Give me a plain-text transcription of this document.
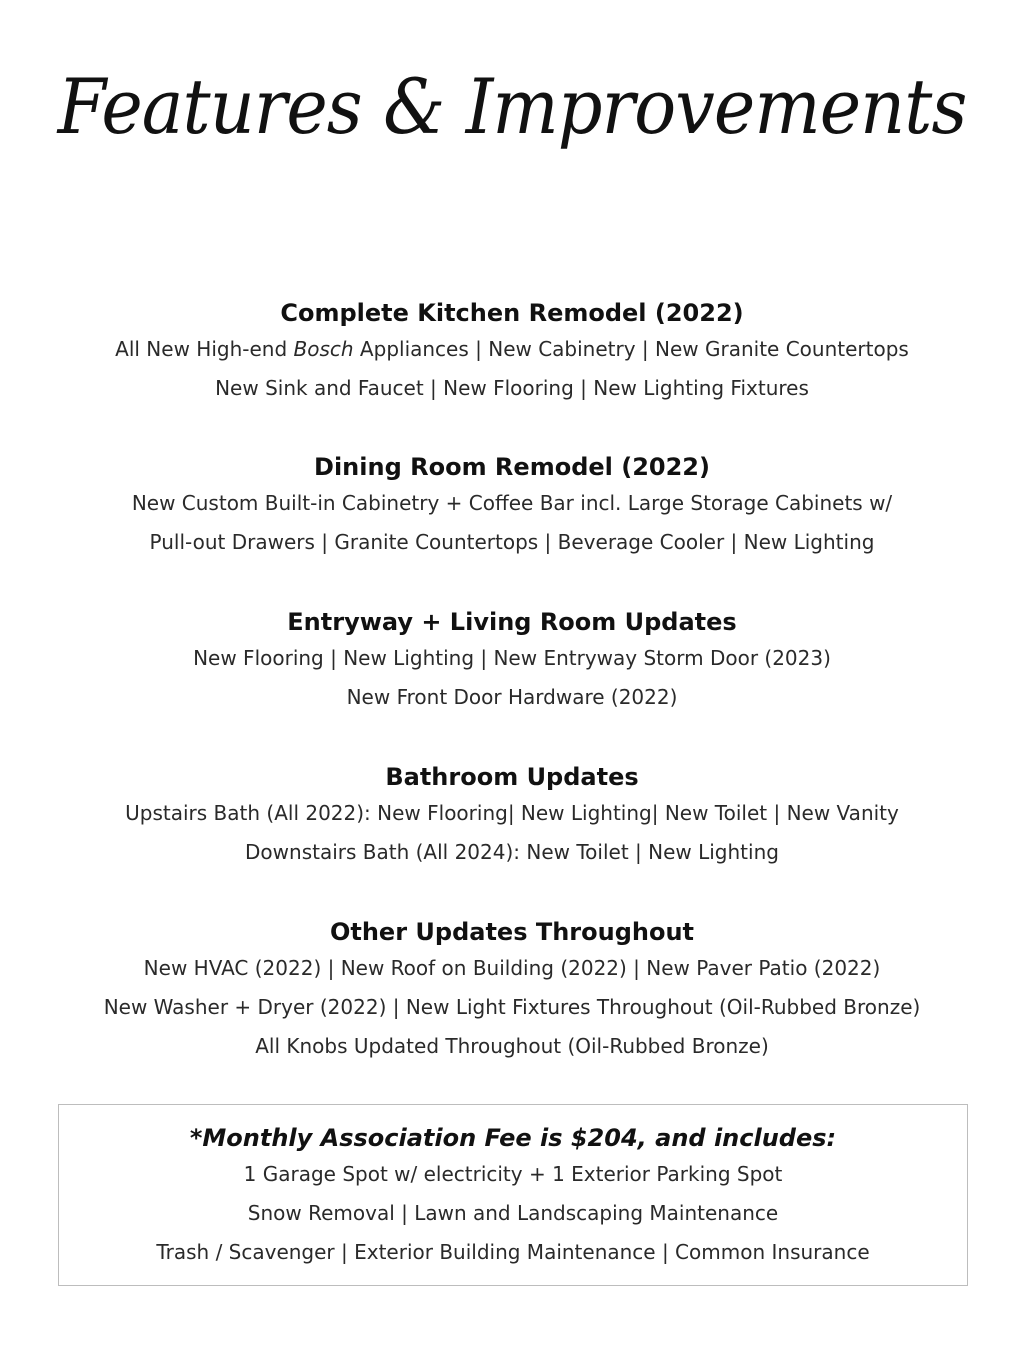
Features & Improvements
Complete Kitchen Remodel (2022)
All New High-end Bosch Appliances | New Cabinetry | New Granite Countertops
New Sink and Faucet | New Flooring | New Lighting Fixtures
Dining Room Remodel (2022)
New Custom Built-in Cabinetry + Coffee Bar incl. Large Storage Cabinets w/
Pull-out Drawers | Granite Countertops | Beverage Cooler | New Lighting
Entryway + Living Room Updates
New Flooring | New Lighting | New Entryway Storm Door (2023)
New Front Door Hardware (2022)
Bathroom Updates
Upstairs Bath (All 2022): New Flooring| New Lighting| New Toilet | New Vanity
Downstairs Bath (All 2024): New Toilet | New Lighting
Other Updates Throughout
New HVAC (2022) | New Roof on Building (2022) | New Paver Patio (2022)
New Washer + Dryer (2022) | New Light Fixtures Throughout (Oil-Rubbed Bronze)
All Knobs Updated Throughout (Oil-Rubbed Bronze)
*Monthly Association Fee is $204, and includes:
1 Garage Spot w/ electricity + 1 Exterior Parking Spot
Snow Removal | Lawn and Landscaping Maintenance
Trash / Scavenger | Exterior Building Maintenance | Common Insurance
